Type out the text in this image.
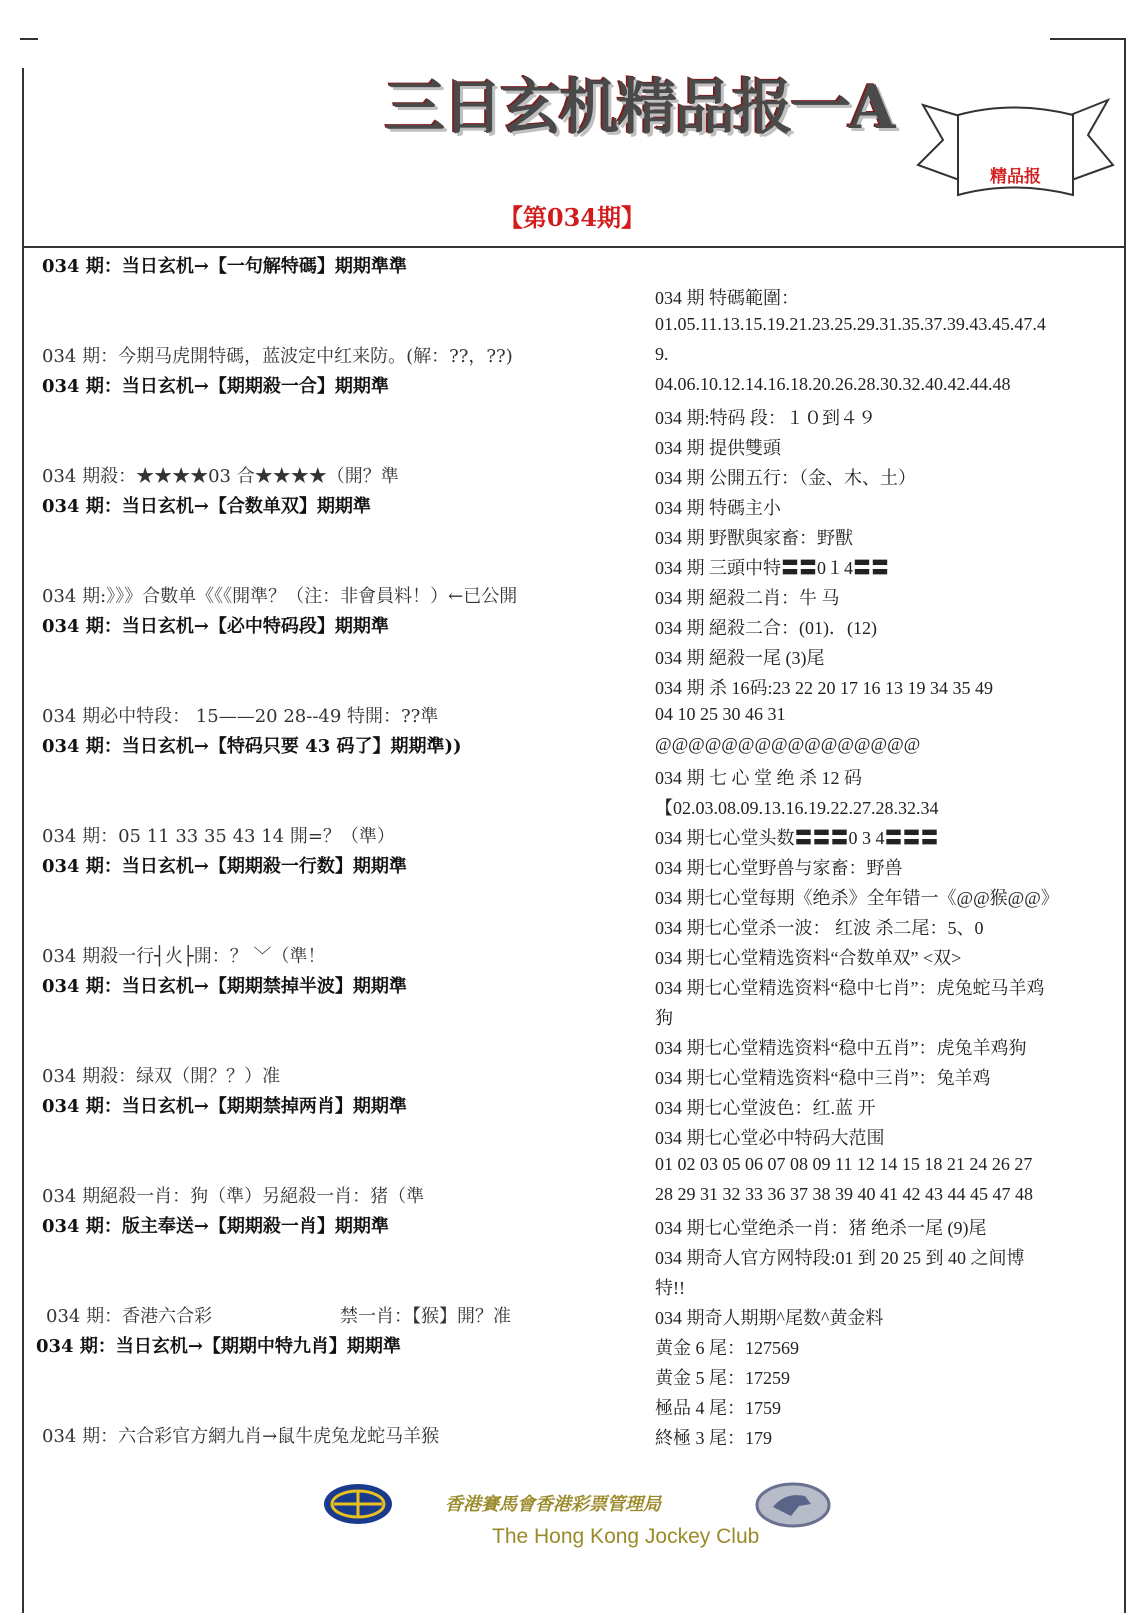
三日玄机精品报一A
精品报
【第034期】
034 期：当日玄机→【一句解特碼】期期準準
034 期：今期马虎開特碼，蓝波定中红来防。(解：??，??)
034 期：当日玄机→【期期殺一合】期期準
034 期殺：★★★★03 合★★★★（開？準
034 期：当日玄机→【合数单双】期期準
034 期:》》》合數单《《《開準？（注：非會員料！）←已公開
034 期：当日玄机→【必中特码段】期期準
034 期必中特段： 15——20 28--49 特開：??準
034 期：当日玄机→【特码只要 43 码了】期期準))
034 期：05 11 33 35 43 14 開=？（準）
034 期：当日玄机→【期期殺一行数】期期準
034 期殺一行┤火├開：？ ﹀（準！
034 期：当日玄机→【期期禁掉半波】期期準
034 期殺：绿双（開？？）准
034 期：当日玄机→【期期禁掉两肖】期期準
034 期絕殺一肖：狗（準）另絕殺一肖：猪（準
034 期：版主奉送→【期期殺一肖】期期準
034 期：香港六合彩	禁一肖：【猴】開？准
034 期：当日玄机→【期期中特九肖】期期準
034 期：六合彩官方網九肖→鼠牛虎兔龙蛇马羊猴
034 期 特碼範圍：
01.05.11.13.15.19.21.23.25.29.31.35.37.39.43.45.47.4
9.
04.06.10.12.14.16.18.20.26.28.30.32.40.42.44.48
034 期:特码 段：１０到４９
034 期 提供雙頭
034 期 公開五行：（金、木、土）
034 期 特碼主小
034 期 野獸與家畜：野獸
034 期 三頭中特〓〓0１4〓〓
034 期 絕殺二肖：牛 马
034 期 絕殺二合：(01)．(12)
034 期 絕殺一尾 (3)尾
034 期 杀 16码:23 22 20 17 16 13 19 34 35 49
04 10 25 30 46 31
@@@@@@@@@@@@@@@@
034 期 七 心 堂 绝 杀 12 码
【02.03.08.09.13.16.19.22.27.28.32.34
034 期七心堂头数〓〓〓0 3 4〓〓〓
034 期七心堂野兽与家畜：野兽
034 期七心堂每期《绝杀》全年错一《@@猴@@》
034 期七心堂杀一波： 红波 杀二尾：5、0
034 期七心堂精选资料“合数单双” <双>
034 期七心堂精选资料“稳中七肖”：虎兔蛇马羊鸡
狗
034 期七心堂精选资料“稳中五肖”：虎兔羊鸡狗
034 期七心堂精选资料“稳中三肖”：兔羊鸡
034 期七心堂波色：红.蓝 开
034 期七心堂必中特码大范围
01 02 03 05 06 07 08 09 11 12 14 15 18 21 24 26 27
28 29 31 32 33 36 37 38 39 40 41 42 43 44 45 47 48
034 期七心堂绝杀一肖：猪 绝杀一尾 (9)尾
034 期奇人官方网特段:01 到 20 25 到 40 之间博
特!!
034 期奇人期期^尾数^黄金料
黄金 6 尾：127569
黄金 5 尾：17259
極品 4 尾：1759
終極 3 尾：179
香港賽馬會香港彩票管理局
The Hong Kong Jockey Club
